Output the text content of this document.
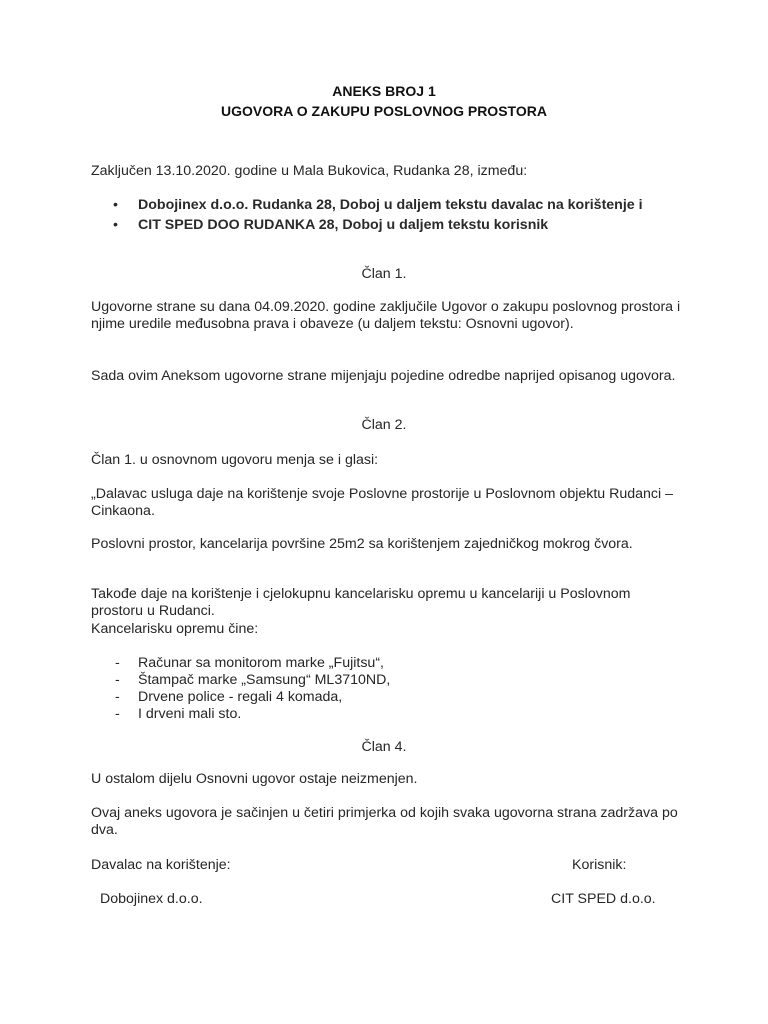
ANEKS BROJ 1
UGOVORA O ZAKUPU POSLOVNOG PROSTORA

Zaključen 13.10.2020. godine u Mala Bukovica, Rudanka 28, između:

• Dobojinex d.o.o. Rudanka 28, Doboj u daljem tekstu davalac na korištenje i
• CIT SPED DOO RUDANKA 28, Doboj u daljem tekstu korisnik
Član 1.

Ugovorne strane su dana 04.09.2020. godine zaključile Ugovor o zakupu poslovnog prostora i njime uredile međusobna prava i obaveze (u daljem tekstu: Osnovni ugovor).

Sada ovim Aneksom ugovorne strane mijenjaju pojedine odredbe naprijed opisanog ugovora.

Član 2.

Član 1. u osnovnom ugovoru menja se i glasi:

„Dalavac usluga daje na korištenje svoje Poslovne prostorije u Poslovnom objektu Rudanci – Cinkaona.

Poslovni prostor, kancelarija površine 25m2 sa korištenjem zajedničkog mokrog čvora.

Takođe daje na korištenje i cjelokupnu kancelarisku opremu u kancelariji u Poslovnom prostoru u Rudanci.

Kancelarisku opremu čine:

- Računar sa monitorom marke „Fujitsu“,
- Štampač marke „Samsung“ ML3710ND,
- Drvene police - regali 4 komada,
- I drveni mali sto.
Član 4.

U ostalom dijelu Osnovni ugovor ostaje neizmenjen.

Ovaj aneks ugovora je sačinjen u četiri primjerka od kojih svaka ugovorna strana zadržava po dva.

Davalac na korištenje:	Korisnik:
Dobojinex d.o.o.	CIT SPED d.o.o.
